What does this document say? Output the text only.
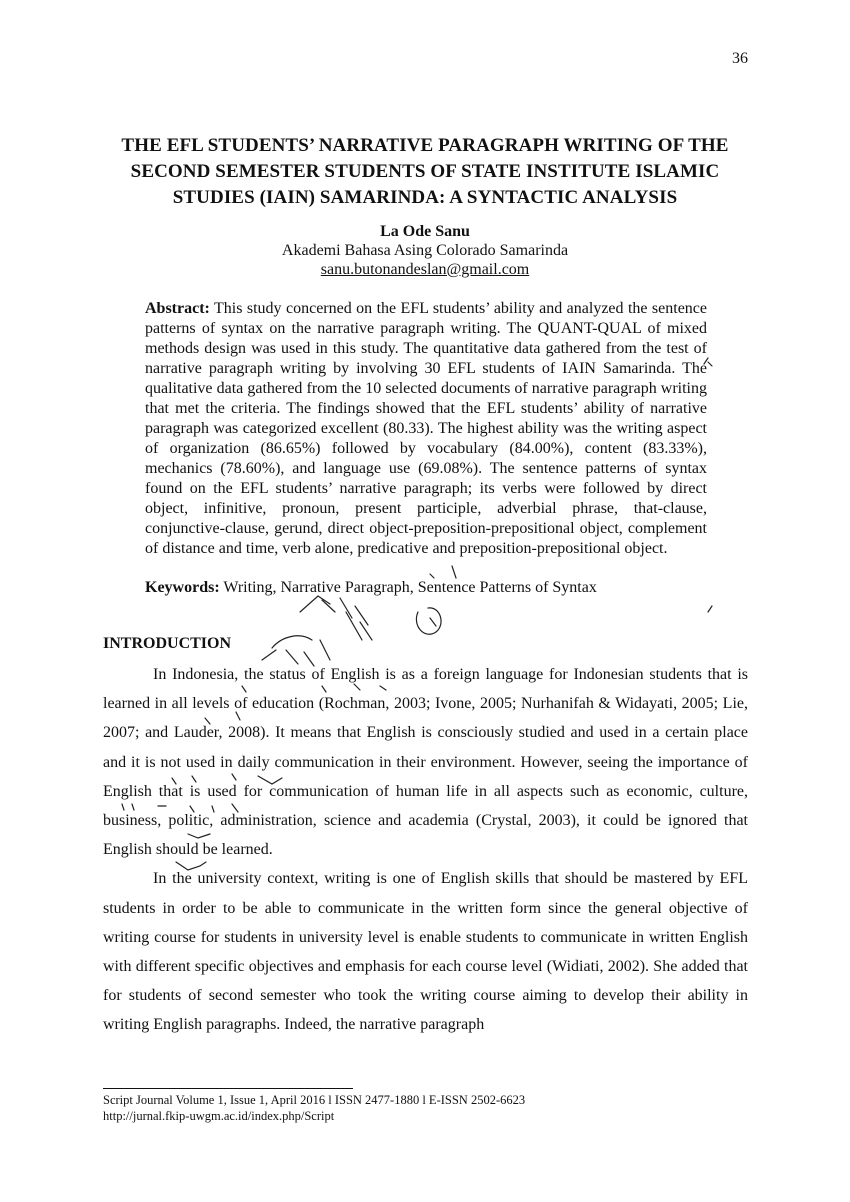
36
THE EFL STUDENTS’ NARRATIVE PARAGRAPH WRITING OF THE SECOND SEMESTER STUDENTS OF STATE INSTITUTE ISLAMIC STUDIES (IAIN) SAMARINDA: A SYNTACTIC ANALYSIS
La Ode Sanu
Akademi Bahasa Asing Colorado Samarinda
sanu.butonandeslan@gmail.com
Abstract: This study concerned on the EFL students’ ability and analyzed the sentence patterns of syntax on the narrative paragraph writing. The QUANT-QUAL of mixed methods design was used in this study. The quantitative data gathered from the test of narrative paragraph writing by involving 30 EFL students of IAIN Samarinda. The qualitative data gathered from the 10 selected documents of narrative paragraph writing that met the criteria. The findings showed that the EFL students’ ability of narrative paragraph was categorized excellent (80.33). The highest ability was the writing aspect of organization (86.65%) followed by vocabulary (84.00%), content (83.33%), mechanics (78.60%), and language use (69.08%). The sentence patterns of syntax found on the EFL students’ narrative paragraph; its verbs were followed by direct object, infinitive, pronoun, present participle, adverbial phrase, that-clause, conjunctive-clause, gerund, direct object-preposition-prepositional object, complement of distance and time, verb alone, predicative and preposition-prepositional object.
Keywords: Writing, Narrative Paragraph, Sentence Patterns of Syntax
INTRODUCTION

In Indonesia, the status of English is as a foreign language for Indonesian students that is learned in all levels of education (Rochman, 2003; Ivone, 2005; Nurhanifah & Widayati, 2005; Lie, 2007; and Lauder, 2008). It means that English is consciously studied and used in a certain place and it is not used in daily communication in their environment. However, seeing the importance of English that is used for communication of human life in all aspects such as economic, culture, business, politic, administration, science and academia (Crystal, 2003), it could be ignored that English should be learned.

In the university context, writing is one of English skills that should be mastered by EFL students in order to be able to communicate in the written form since the general objective of writing course for students in university level is enable students to communicate in written English with different specific objectives and emphasis for each course level (Widiati, 2002). She added that for students of second semester who took the writing course aiming to develop their ability in writing English paragraphs. Indeed, the narrative paragraph

Script Journal Volume 1, Issue 1, April 2016 l ISSN 2477-1880 l E-ISSN 2502-6623
http://jurnal.fkip-uwgm.ac.id/index.php/Script
